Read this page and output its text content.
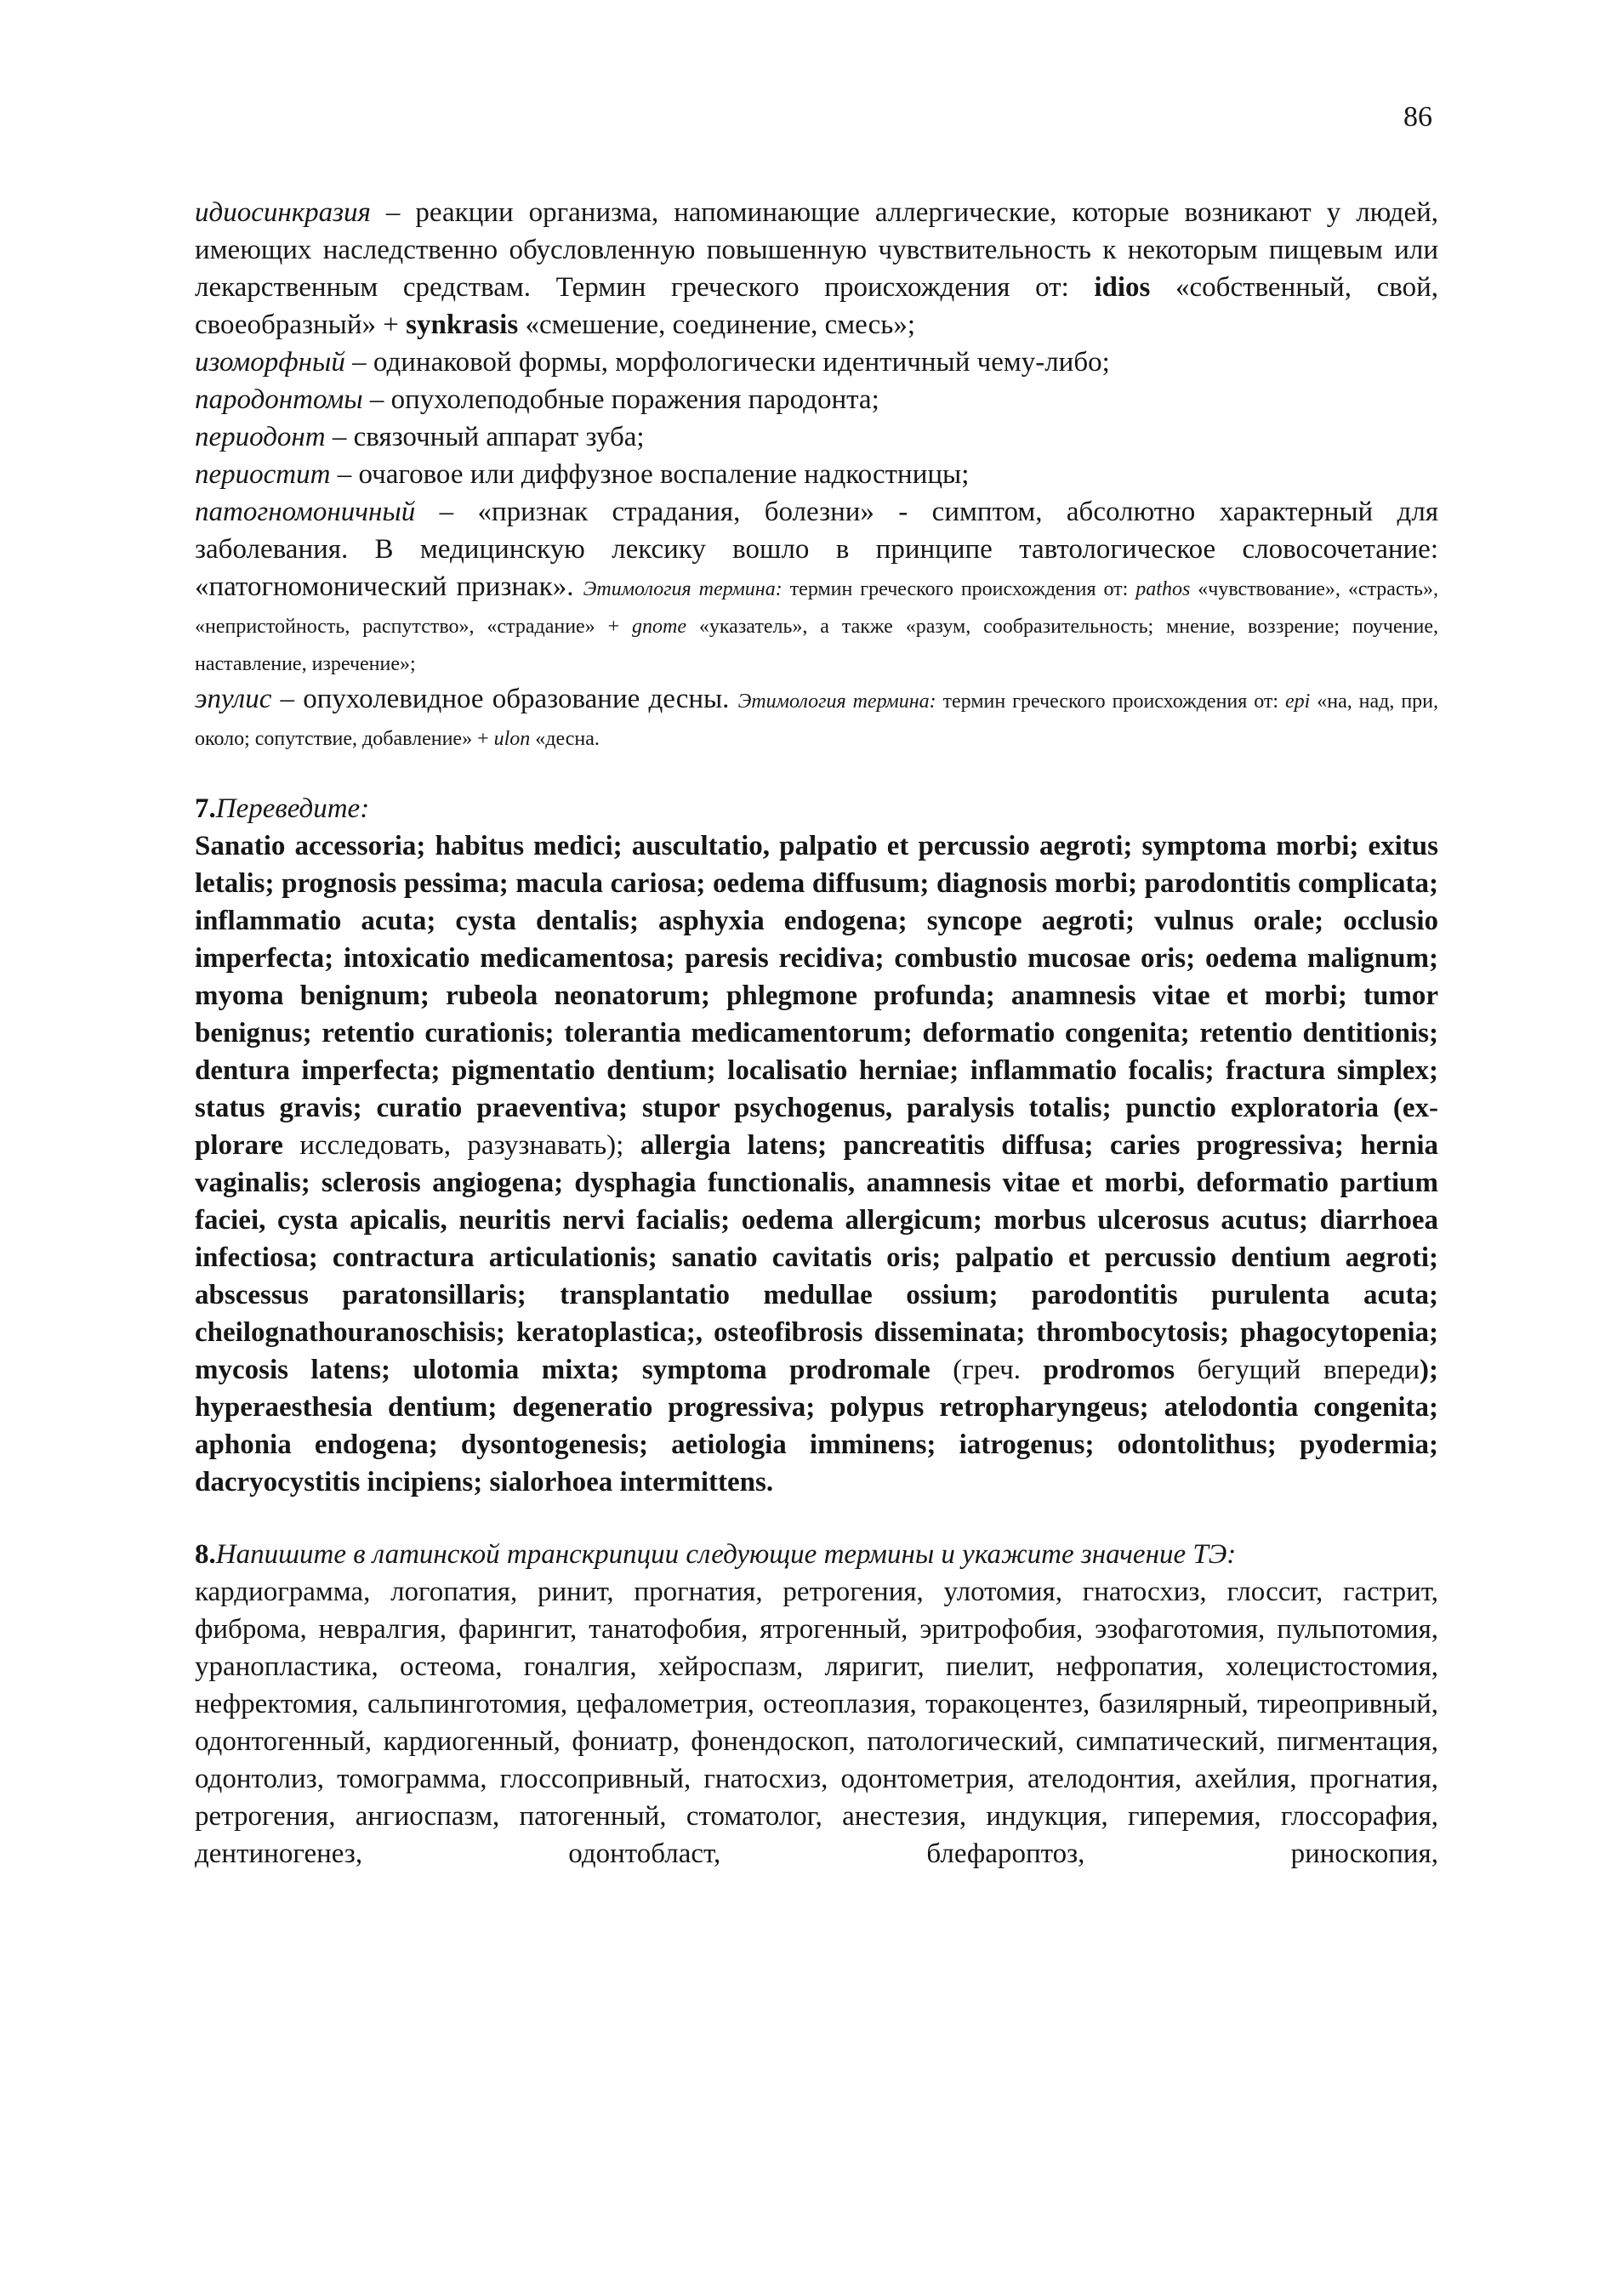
86

идиосинкразия – реакции организма, напоминающие аллергические, которые возникают у людей, имеющих наследственно обусловленную повышенную чувствительность к некоторым пищевым или лекарственным средствам. Термин греческого происхождения от: idios «собственный, свой, своеобразный» + synkrasis «смешение, соединение, смесь»;

изоморфный – одинаковой формы, морфологически идентичный чему-либо;

пародонтомы – опухолеподобные поражения пародонта;

периодонт – связочный аппарат зуба;

периостит – очаговое или диффузное воспаление надкостницы;

патогномоничный – «признак страдания, болезни» - симптом, абсолютно характерный для заболевания. В медицинскую лексику вошло в принципе тавтологическое словосочетание: «патогномонический признак». Этимология термина: термин греческого происхождения от: pathos «чувствование», «страсть», «непристойность, распутство», «страдание» + gnome «указатель», а также «разум, сообразительность; мнение, воззрение; поучение, наставление, изречение»;

эпулис – опухолевидное образование десны. Этимология термина: термин греческого происхождения от: epi «на, над, при, около; сопутствие, добавление» + ulon «десна.

7.Переведите:

Sanatio accessoria; habitus medici; auscultatio, palpatio et percussio aegroti; symptoma morbi; exitus letalis; prognosis pessima; macula cariosa; oedema diffusum; diagnosis morbi; parodontitis complicata; inflammatio acuta; cysta dentalis; asphyxia endogena; syncope aegroti; vulnus orale; occlusio imperfecta; intoxicatio medicamentosa; paresis recidiva; combustio mucosae oris; oedema malignum; myoma benignum; rubeola neonatorum; phlegmone profunda; anamnesis vitae et morbi; tumor benignus; retentio curationis; tolerantia medicamentorum; deformatio congenita; retentio dentitionis; dentura imperfecta; pigmentatio dentium; localisatio herniae; inflammatio focalis; fractura simplex; status gravis; curatio praeventiva; stupor psychogenus, paralysis totalis; punctio exploratoria (ex-plorare исследовать, разузнавать); allergia latens; pancreatitis diffusa; caries progressiva; hernia vaginalis; sclerosis angiogena; dysphagia functionalis, anamnesis vitae et morbi, deformatio partium faciei, cysta apicalis, neuritis nervi facialis; oedema allergicum; morbus ulcerosus acutus; diarrhoea infectiosa; contractura articulationis; sanatio cavitatis oris; palpatio et percussio dentium aegroti; abscessus paratonsillaris; transplantatio medullae ossium; parodontitis purulenta acuta; cheilognathouranoschisis; keratoplastica;, osteofibrosis disseminata; thrombocytosis; phagocytopenia; mycosis latens; ulotomia mixta; symptoma prodromale (греч. prodromos бегущий впереди); hyperaesthesia dentium; degeneratio progressiva; polypus retropharyngeus; atelodontia congenita; aphonia endogena; dysontogenesis; aetiologia imminens; iatrogenus; odontolithus; pyodermia; dacryocystitis incipiens; sialorhoea intermittens.

8.Напишите в латинской транскрипции следующие термины и укажите значение ТЭ:

кардиограмма, логопатия, ринит, прогнатия, ретрогения, улотомия, гнатосхиз, глоссит, гастрит, фиброма, невралгия, фарингит, танатофобия, ятрогенный, эритрофобия, эзофаготомия, пульпотомия, уранопластика, остеома, гоналгия, хейроспазм, ляригит, пиелит, нефропатия, холецистостомия, нефректомия, сальпинготомия, цефалометрия, остеоплазия, торакоцентез, базилярный, тиреопривный, одонтогенный, кардиогенный, фониатр, фонендоскоп, патологический, симпатический, пигментация, одонтолиз, томограмма, глоссопривный, гнатосхиз, одонтометрия, ателодонтия, ахейлия, прогнатия, ретрогения, ангиоспазм, патогенный, стоматолог, анестезия, индукция, гиперемия, глоссорафия, дентиногенез, одонтобласт, блефароптоз, риноскопия,
